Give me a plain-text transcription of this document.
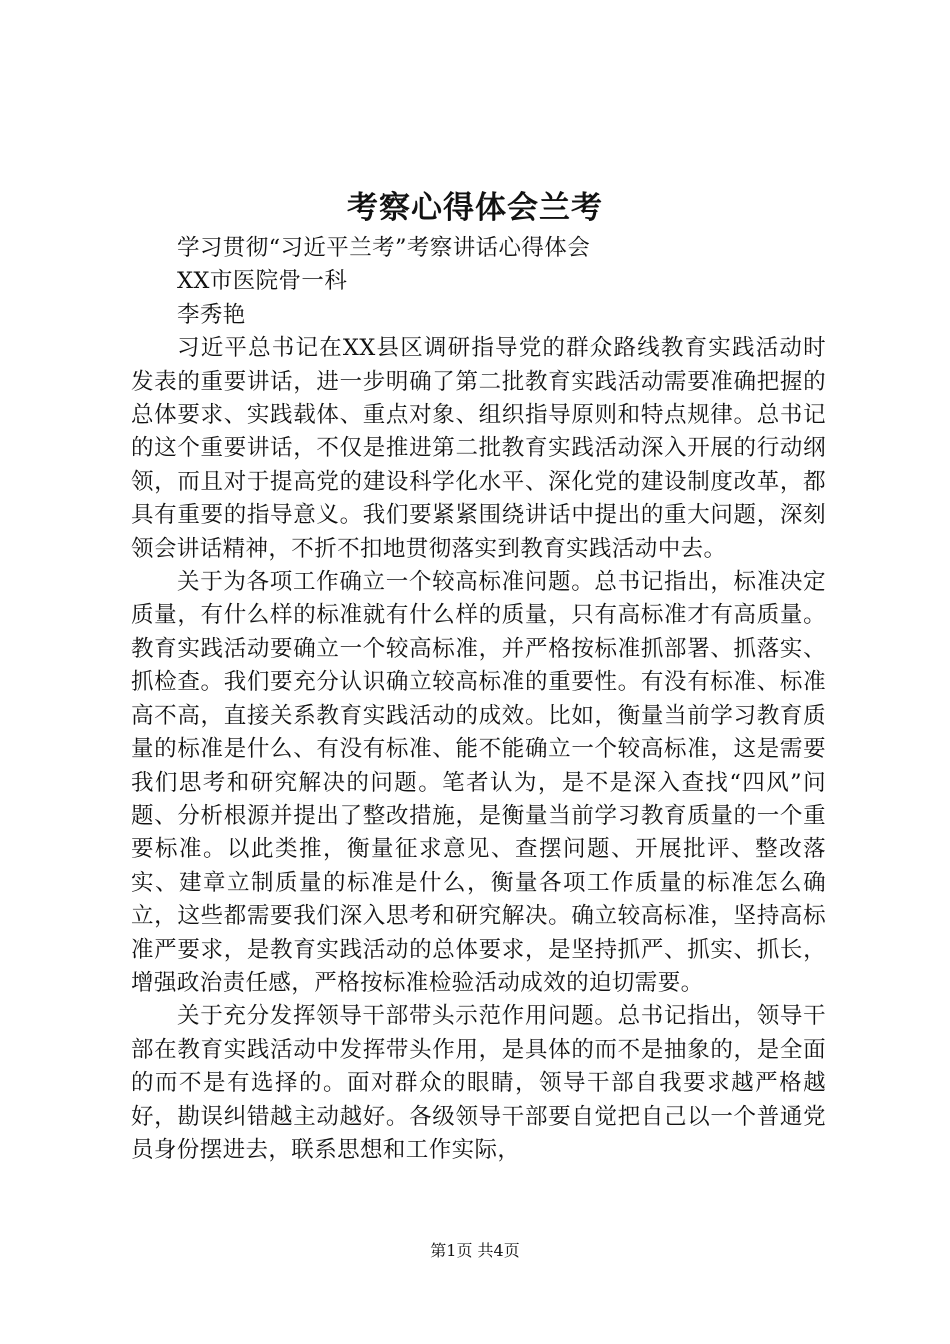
考察心得体会兰考

学习贯彻“习近平兰考”考察讲话心得体会

XX市医院骨一科

李秀艳

习近平总书记在XX县区调研指导党的群众路线教育实践活动时发表的重要讲话，进一步明确了第二批教育实践活动需要准确把握的总体要求、实践载体、重点对象、组织指导原则和特点规律。总书记的这个重要讲话，不仅是推进第二批教育实践活动深入开展的行动纲领，而且对于提高党的建设科学化水平、深化党的建设制度改革，都具有重要的指导意义。我们要紧紧围绕讲话中提出的重大问题，深刻领会讲话精神，不折不扣地贯彻落实到教育实践活动中去。

关于为各项工作确立一个较高标准问题。总书记指出，标准决定质量，有什么样的标准就有什么样的质量，只有高标准才有高质量。教育实践活动要确立一个较高标准，并严格按标准抓部署、抓落实、抓检查。我们要充分认识确立较高标准的重要性。有没有标准、标准高不高，直接关系教育实践活动的成效。比如，衡量当前学习教育质量的标准是什么、有没有标准、能不能确立一个较高标准，这是需要我们思考和研究解决的问题。笔者认为，是不是深入查找“四风”问题、分析根源并提出了整改措施，是衡量当前学习教育质量的一个重要标准。以此类推，衡量征求意见、查摆问题、开展批评、整改落实、建章立制质量的标准是什么，衡量各项工作质量的标准怎么确立，这些都需要我们深入思考和研究解决。确立较高标准，坚持高标准严要求，是教育实践活动的总体要求，是坚持抓严、抓实、抓长，增强政治责任感，严格按标准检验活动成效的迫切需要。

关于充分发挥领导干部带头示范作用问题。总书记指出，领导干部在教育实践活动中发挥带头作用，是具体的而不是抽象的，是全面的而不是有选择的。面对群众的眼睛，领导干部自我要求越严格越好，勘误纠错越主动越好。各级领导干部要自觉把自己以一个普通党员身份摆进去，联系思想和工作实际，

第1页 共4页
